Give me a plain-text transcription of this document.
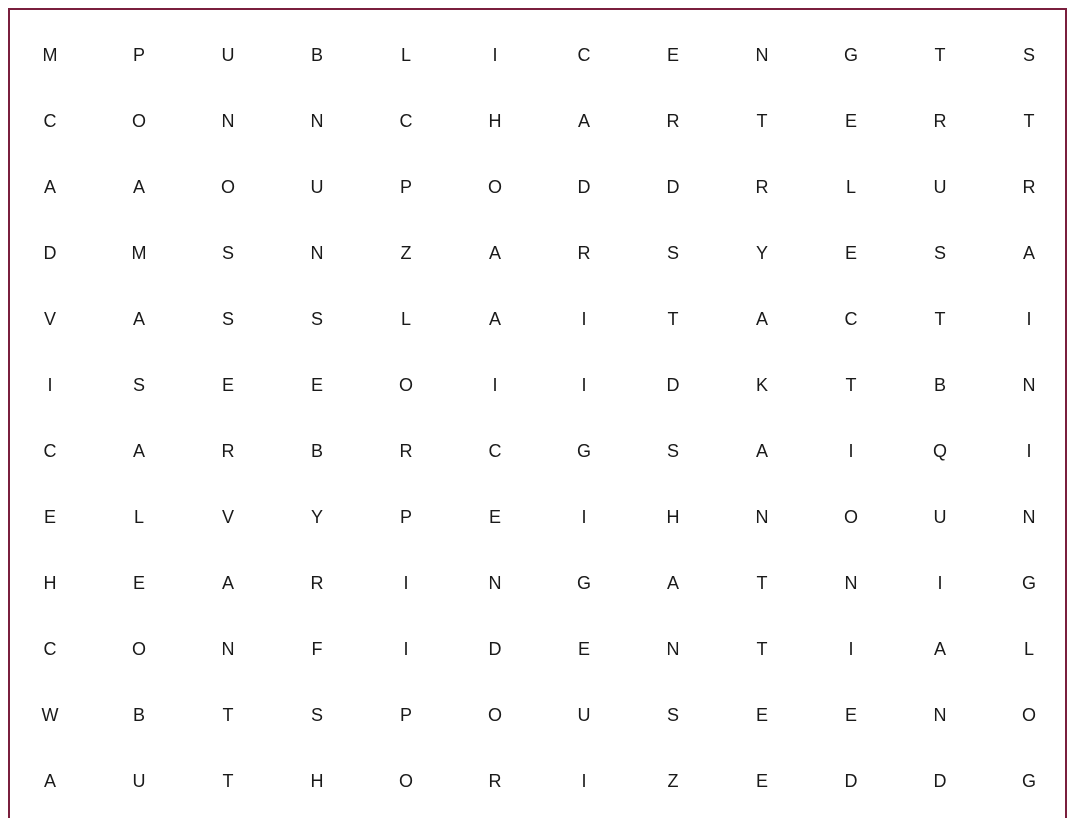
M	P	U	B	L	I	C	E	N	G	T	S
C	O	N	N	C	H	A	R	T	E	R	T
A	A	O	U	P	O	D	D	R	L	U	R
D	M	S	N	Z	A	R	S	Y	E	S	A
V	A	S	S	L	A	I	T	A	C	T	I
I	S	E	E	O	I	I	D	K	T	B	N
C	A	R	B	R	C	G	S	A	I	Q	I
E	L	V	Y	P	E	I	H	N	O	U	N
H	E	A	R	I	N	G	A	T	N	I	G
C	O	N	F	I	D	E	N	T	I	A	L
W	B	T	S	P	O	U	S	E	E	N	O
A	U	T	H	O	R	I	Z	E	D	D	G
